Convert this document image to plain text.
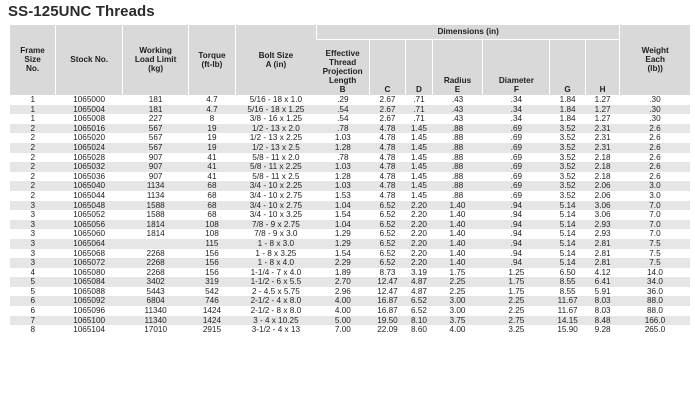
SS-125UNC Threads
Frame
Size
No.	Stock No.	Working
Load Limit
(kg)	Torque
(ft-lb)	Bolt Size
A (in)	Dimensions (in)							Weight
Each
(lb))
					Effective
Thread
Projection
Length
B	C	D	Radius
E	Diameter
F	G	H	
1	1065000	181	4.7	5/16 - 18 x 1.0	.29	2.67	.71	.43	.34	1.84	1.27	.30
1	1065004	181	4.7	5/16 - 18 x 1.25	.54	2.67	.71	.43	.34	1.84	1.27	.30
1	1065008	227	8	3/8 - 16 x 1.25	.54	2.67	.71	.43	.34	1.84	1.27	.30
2	1065016	567	19	1/2 - 13 x 2.0	.78	4.78	1.45	.88	.69	3.52	2.31	2.6
2	1065020	567	19	1/2 - 13 x 2.25	1.03	4.78	1.45	.88	.69	3.52	2.31	2.6
2	1065024	567	19	1/2 - 13 x 2.5	1.28	4.78	1.45	.88	.69	3.52	2.31	2.6
2	1065028	907	41	5/8 - 11 x 2.0	.78	4.78	1.45	.88	.69	3.52	2.18	2.6
2	1065032	907	41	5/8 - 11 x 2.25	1.03	4.78	1.45	.88	.69	3.52	2.18	2.6
2	1065036	907	41	5/8 - 11 x 2.5	1.28	4.78	1.45	.88	.69	3.52	2.18	2.6
2	1065040	1134	68	3/4 - 10 x 2.25	1.03	4.78	1.45	.88	.69	3.52	2.06	3.0
2	1065044	1134	68	3/4 - 10 x 2.75	1.53	4.78	1.45	.88	.69	3.52	2.06	3.0
3	1065048	1588	68	3/4 - 10 x 2.75	1.04	6.52	2.20	1.40	.94	5.14	3.06	7.0
3	1065052	1588	68	3/4 - 10 x 3.25	1.54	6.52	2.20	1.40	.94	5.14	3.06	7.0
3	1065056	1814	108	7/8 - 9 x 2.75	1.04	6.52	2.20	1.40	.94	5.14	2.93	7.0
3	1065060	1814	108	7/8 - 9 x 3.0	1.29	6.52	2.20	1.40	.94	5.14	2.93	7.0
3	1065064		115	1 - 8 x 3.0	1.29	6.52	2.20	1.40	.94	5.14	2.81	7.5
3	1065068	2268	156	1 - 8 x 3.25	1.54	6.52	2.20	1.40	.94	5.14	2.81	7.5
3	1065072	2268	156	1 - 8 x 4.0	2.29	6.52	2.20	1.40	.94	5.14	2.81	7.5
4	1065080	2268	156	1-1/4 - 7 x 4.0	1.89	8.73	3.19	1.75	1.25	6.50	4.12	14.0
5	1065084	3402	319	1-1/2 - 6 x 5.5	2.70	12.47	4.87	2.25	1.75	8.55	6.41	34.0
5	1065088	5443	542	2 - 4.5 x 5.75	2.96	12.47	4.87	2.25	1.75	8.55	5.91	36.0
6	1065092	6804	746	2-1/2 - 4 x 8.0	4.00	16.87	6.52	3.00	2.25	11.67	8.03	88.0
6	1065096	11340	1424	2-1/2 - 8 x 8.0	4.00	16.87	6.52	3.00	2.25	11.67	8.03	88.0
7	1065100	11340	1424	3 - 4 x 10.25	5.00	19.50	8.10	3.75	2.75	14.15	8.48	166.0
8	1065104	17010	2915	3-1/2 - 4 x 13	7.00	22.09	8.60	4.00	3.25	15.90	9.28	265.0
